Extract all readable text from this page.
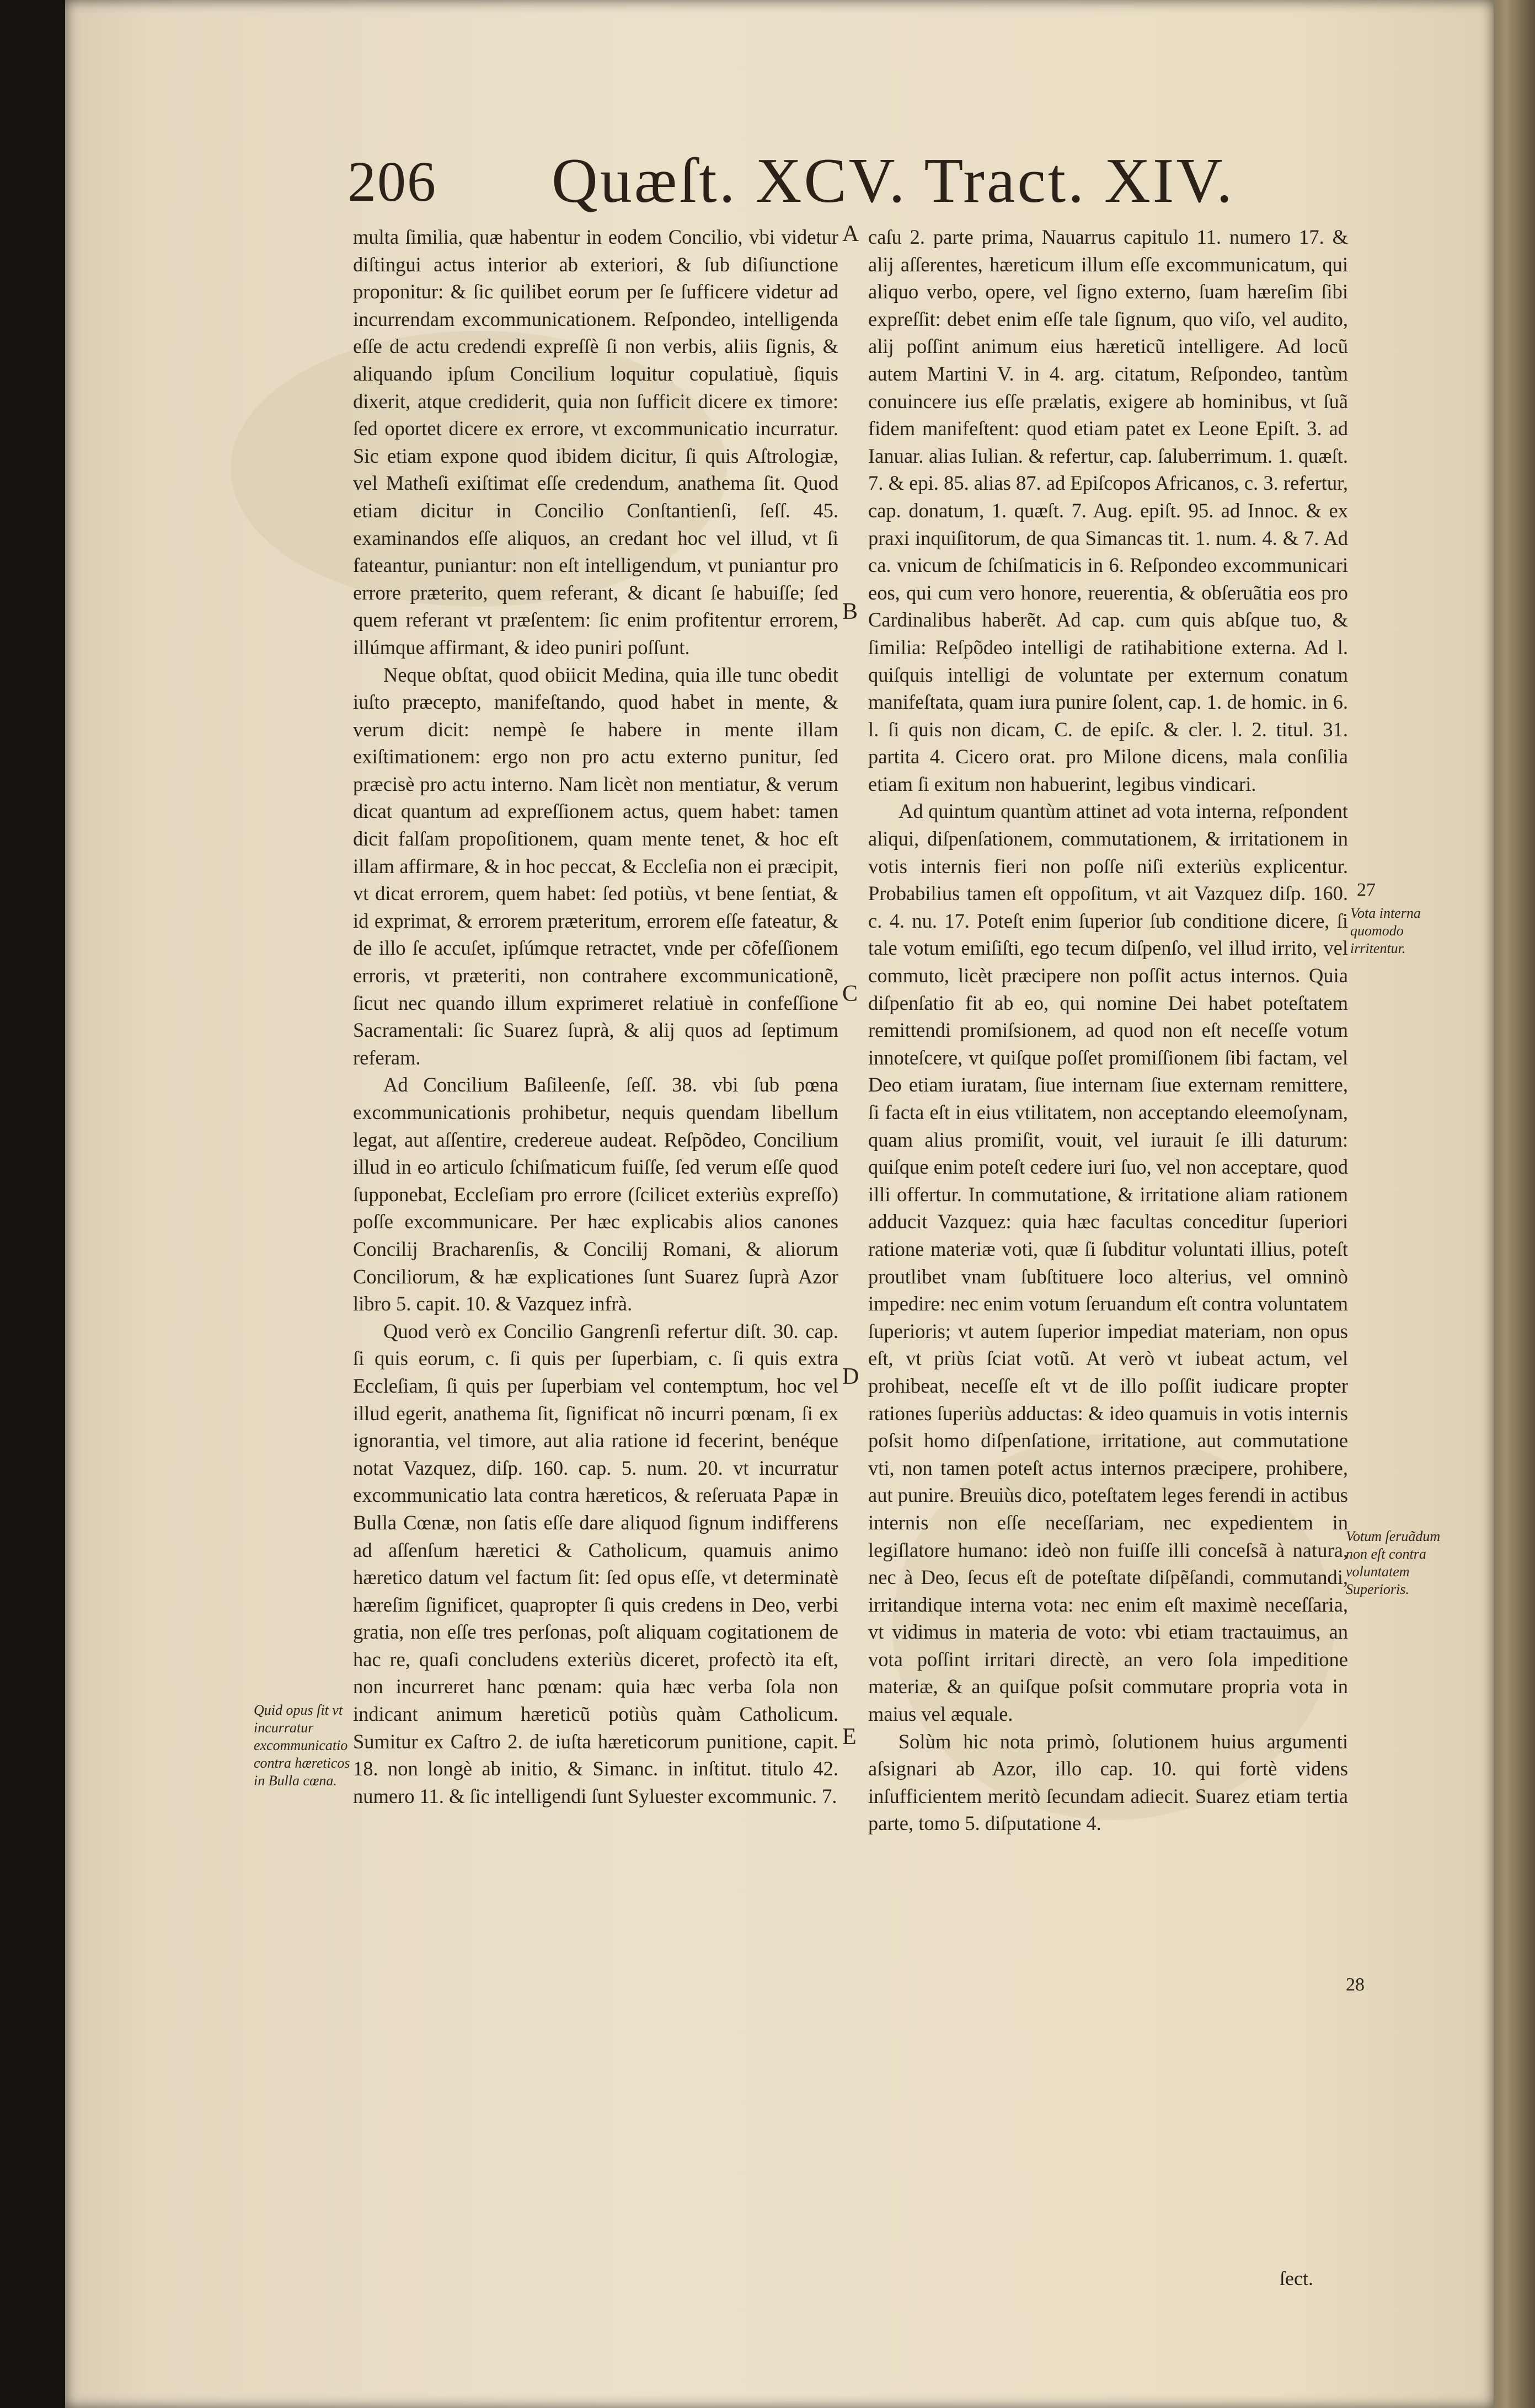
206 Quæſt. XCV. Tract. XIV.

multa ſimilia, quæ habentur in eodem Concilio, vbi videtur diſtingui actus interior ab exteriori, & ſub diſiunctione proponitur: & ſic quilibet eorum per ſe ſufficere videtur ad incurrendam excommunicationem. Reſpondeo, intelligenda eſſe de actu credendi expreſſè ſi non verbis, aliis ſignis, & aliquando ipſum Concilium loquitur copulatiuè, ſiquis dixerit, atque crediderit, quia non ſufficit dicere ex timore: ſed oportet dicere ex errore, vt excommunicatio incurratur. Sic etiam expone quod ibidem dicitur, ſi quis Aſtrologiæ, vel Matheſi exiſtimat eſſe credendum, anathema ſit. Quod etiam dicitur in Concilio Conſtantienſi, ſeſſ. 45. examinandos eſſe aliquos, an credant hoc vel illud, vt ſi fateantur, puniantur: non eſt intelligendum, vt puniantur pro errore præterito, quem referant, & dicant ſe habuiſſe; ſed quem referant vt præſentem: ſic enim profitentur errorem, illúmque affirmant, & ideo puniri poſſunt.

Neque obſtat, quod obiicit Medina, quia ille tunc obedit iuſto præcepto, manifeſtando, quod habet in mente, & verum dicit: nempè ſe habere in mente illam exiſtimationem: ergo non pro actu externo punitur, ſed præcisè pro actu interno. Nam licèt non mentiatur, & verum dicat quantum ad expreſſionem actus, quem habet: tamen dicit falſam propoſitionem, quam mente tenet, & hoc eſt illam affirmare, & in hoc peccat, & Eccleſia non ei præcipit, vt dicat errorem, quem habet: ſed potiùs, vt bene ſentiat, & id exprimat, & errorem præteritum, errorem eſſe fateatur, & de illo ſe accuſet, ipſúmque retractet, vnde per cõfeſſionem erroris, vt præteriti, non contrahere excommunicationẽ, ſicut nec quando illum exprimeret relatiuè in confeſſione Sacramentali: ſic Suarez ſuprà, & alij quos ad ſeptimum referam.

Ad Concilium Baſileenſe, ſeſſ. 38. vbi ſub pœna excommunicationis prohibetur, nequis quendam libellum legat, aut aſſentire, credereue audeat. Reſpõdeo, Concilium illud in eo articulo ſchiſmaticum fuiſſe, ſed verum eſſe quod ſupponebat, Eccleſiam pro errore (ſcilicet exteriùs expreſſo) poſſe excommunicare. Per hæc explicabis alios canones Concilij Bracharenſis, & Concilij Romani, & aliorum Conciliorum, & hæ explicationes ſunt Suarez ſuprà Azor libro 5. capit. 10. & Vazquez infrà.

Quod verò ex Concilio Gangrenſi refertur diſt. 30. cap. ſi quis eorum, c. ſi quis per ſuperbiam, c. ſi quis extra Eccleſiam, ſi quis per ſuperbiam vel contemptum, hoc vel illud egerit, anathema ſit, ſignificat nõ incurri pœnam, ſi ex ignorantia, vel timore, aut alia ratione id fecerint, benéque notat Vazquez, diſp. 160. cap. 5. num. 20. vt incurratur excommunicatio lata contra hæreticos, & reſeruata Papæ in Bulla Cœnæ, non ſatis eſſe dare aliquod ſignum indifferens ad aſſenſum hæretici & Catholicum, quamuis animo hæretico datum vel factum ſit: ſed opus eſſe, vt determinatè hæreſim ſignificet, quapropter ſi quis credens in Deo, verbi gratia, non eſſe tres perſonas, poſt aliquam cogitationem de hac re, quaſi concludens exteriùs diceret, profectò ita eſt, non incurreret hanc pœnam: quia hæc verba ſola non indicant animum hæreticũ potiùs quàm Catholicum. Sumitur ex Caſtro 2. de iuſta hæreticorum punitione, capit. 18. non longè ab initio, & Simanc. in inſtitut. titulo 42. numero 11. & ſic intelligendi ſunt Syluester excommunic. 7.

caſu 2. parte prima, Nauarrus capitulo 11. numero 17. & alij aſſerentes, hæreticum illum eſſe excommunicatum, qui aliquo verbo, opere, vel ſigno externo, ſuam hæreſim ſibi expreſſit: debet enim eſſe tale ſignum, quo viſo, vel audito, alij poſſint animum eius hæreticũ intelligere. Ad locũ autem Martini V. in 4. arg. citatum, Reſpondeo, tantùm conuincere ius eſſe prælatis, exigere ab hominibus, vt ſuã fidem manifeſtent: quod etiam patet ex Leone Epiſt. 3. ad Ianuar. alias Iulian. & refertur, cap. ſaluberrimum. 1. quæſt. 7. & epi. 85. alias 87. ad Epiſcopos Africanos, c. 3. refertur, cap. donatum, 1. quæſt. 7. Aug. epiſt. 95. ad Innoc. & ex praxi inquiſitorum, de qua Simancas tit. 1. num. 4. & 7. Ad ca. vnicum de ſchiſmaticis in 6. Reſpondeo excommunicari eos, qui cum vero honore, reuerentia, & obſeruãtia eos pro Cardinalibus haberẽt. Ad cap. cum quis abſque tuo, & ſimilia: Reſpõdeo intelligi de ratihabitione externa. Ad l. quiſquis intelligi de voluntate per externum conatum manifeſtata, quam iura punire ſolent, cap. 1. de homic. in 6. l. ſi quis non dicam, C. de epiſc. & cler. l. 2. titul. 31. partita 4. Cicero orat. pro Milone dicens, mala conſilia etiam ſi exitum non habuerint, legibus vindicari.

Ad quintum quantùm attinet ad vota interna, reſpondent aliqui, diſpenſationem, commutationem, & irritationem in votis internis fieri non poſſe niſi exteriùs explicentur. Probabilius tamen eſt oppoſitum, vt ait Vazquez diſp. 160. c. 4. nu. 17. Poteſt enim ſuperior ſub conditione dicere, ſi tale votum emiſiſti, ego tecum diſpenſo, vel illud irrito, vel commuto, licèt præcipere non poſſit actus internos. Quia diſpenſatio fit ab eo, qui nomine Dei habet poteſtatem remittendi promiſsionem, ad quod non eſt neceſſe votum innoteſcere, vt quiſque poſſet promiſſionem ſibi factam, vel Deo etiam iuratam, ſiue internam ſiue externam remittere, ſi facta eſt in eius vtilitatem, non acceptando eleemoſynam, quam alius promiſit, vouit, vel iurauit ſe illi daturum: quiſque enim poteſt cedere iuri ſuo, vel non acceptare, quod illi offertur. In commutatione, & irritatione aliam rationem adducit Vazquez: quia hæc facultas conceditur ſuperiori ratione materiæ voti, quæ ſi ſubditur voluntati illius, poteſt proutlibet vnam ſubſtituere loco alterius, vel omninò impedire: nec enim votum ſeruandum eſt contra voluntatem ſuperioris; vt autem ſuperior impediat materiam, non opus eſt, vt priùs ſciat votũ. At verò vt iubeat actum, vel prohibeat, neceſſe eſt vt de illo poſſit iudicare propter rationes ſuperiùs adductas: & ideo quamuis in votis internis poſsit homo diſpenſatione, irritatione, aut commutatione vti, non tamen poteſt actus internos præcipere, prohibere, aut punire. Breuiùs dico, poteſtatem leges ferendi in actibus internis non eſſe neceſſariam, nec expedientem in legiſlatore humano: ideò non fuiſſe illi conceſsã à natura, nec à Deo, ſecus eſt de poteſtate diſpẽſandi, commutandi, irritandique interna vota: nec enim eſt maximè neceſſaria, vt vidimus in materia de voto: vbi etiam tractauimus, an vota poſſint irritari directè, an vero ſola impeditione materiæ, & an quiſque poſsit commutare propria vota in maius vel æquale.

Solùm hic nota primò, ſolutionem huius argumenti aſsignari ab Azor, illo cap. 10. qui fortè videns inſufficientem meritò ſecundam adiecit. Suarez etiam tertia parte, tomo 5. diſputatione 4.

A
B
C
D
E
27
28
Quid opus ſit vt incurratur excommunicatio contra hæreticos in Bulla cœna.
Vota interna quomodo irritentur.
Votum ſeruãdum non eſt contra voluntatem Superioris.
ſect.
